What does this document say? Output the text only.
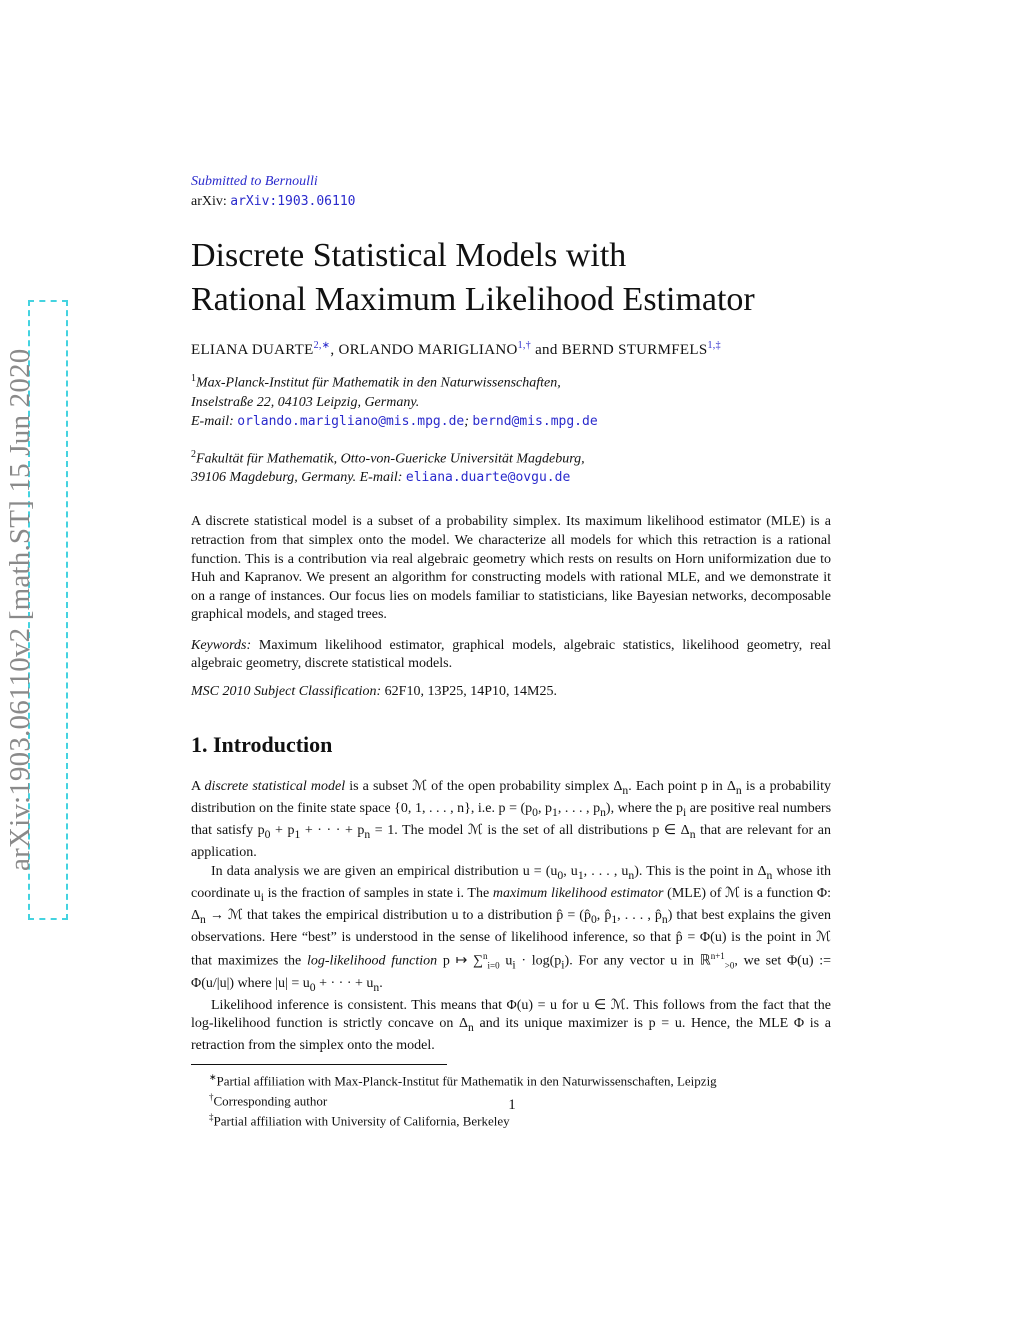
arXiv:1903.06110v2 [math.ST] 15 Jun 2020
Submitted to Bernoulli
arXiv: arXiv:1903.06110
Discrete Statistical Models with
Rational Maximum Likelihood Estimator
ELIANA $DUARTE^{2,∗}$, ORLANDO $MARIGLIANO^{1,\dagger}$ and BERND $STURMFELS^{1,\ddagger}$
$^1$Max-Planck-Institut für Mathematik in den Naturwissenschaften,
Inselstraße 22, 04103 Leipzig, Germany.
E-mail: orlando.marigliano@mis.mpg.de; bernd@mis.mpg.de
$^2$Fakultät für Mathematik, Otto-von-Guericke Universität Magdeburg,
39106 Magdeburg, Germany. E-mail: eliana.duarte@ovgu.de
A discrete statistical model is a subset of a probability simplex. Its maximum likelihood estimator (MLE) is a retraction from that simplex onto the model. We characterize all models for which this retraction is a rational function. This is a contribution via real algebraic geometry which rests on results on Horn uniformization due to Huh and Kapranov. We present an algorithm for constructing models with rational MLE, and we demonstrate it on a range of instances. Our focus lies on models familiar to statisticians, like Bayesian networks, decomposable graphical models, and staged trees.
Keywords: Maximum likelihood estimator, graphical models, algebraic statistics, likelihood geometry, real algebraic geometry, discrete statistical models.
MSC 2010 Subject Classification: 62F10, 13P25, 14P10, 14M25.
1. Introduction

A discrete statistical model is a subset ℳ of the open probability simplex $\Delta_n$. Each point p in $\Delta_n$ is a probability distribution on the finite state space {0, 1, . . . , n}, i.e. $p = (p_0$, $p_1$, . . . , $p_n$), where the $p_i$ are positive real numbers that satisfy $p_0 + p_1$ + · · · + $p_n = 1$. The model ℳ is the set of all distributions p ∈ $\Delta_n$ that are relevant for an application.

In data analysis we are given an empirical distribution $u = (u_0$, $u_1$, . . . , $u_n$). This is the point in $\Delta_n$ whose ith coordinate $u_i$ is the fraction of samples in state i. The maximum likelihood estimator (MLE) of ℳ is a function Φ: $\Delta_n$ → ℳ that takes the empirical distribution u to a distribution p̂ = ($p̂_0$, $p̂_1$, . . . , $p̂_n$) that best explains the given observations. Here “best” is understood in the sense of likelihood inference, so that p̂ = Φ(u) is the point in ℳ that maximizes the log-likelihood function p ↦ ∑$^n_{i=0}$ $u_i \cdot \log(p_i)$. For any vector u in ℝ$^{n+1}_{>0}$, we set Φ(u) := Φ(u/|u|) where $|u| = u_0$ + · · · + $u_n$.

Likelihood inference is consistent. This means that Φ(u) = u for u ∈ ℳ. This follows from the fact that the log-likelihood function is strictly concave on $\Delta_n$ and its unique maximizer is p = u. Hence, the MLE Φ is a retraction from the simplex onto the model.

∗Partial affiliation with Max-Planck-Institut für Mathematik in den Naturwissenschaften, Leipzig
†Corresponding author
‡Partial affiliation with University of California, Berkeley
1
